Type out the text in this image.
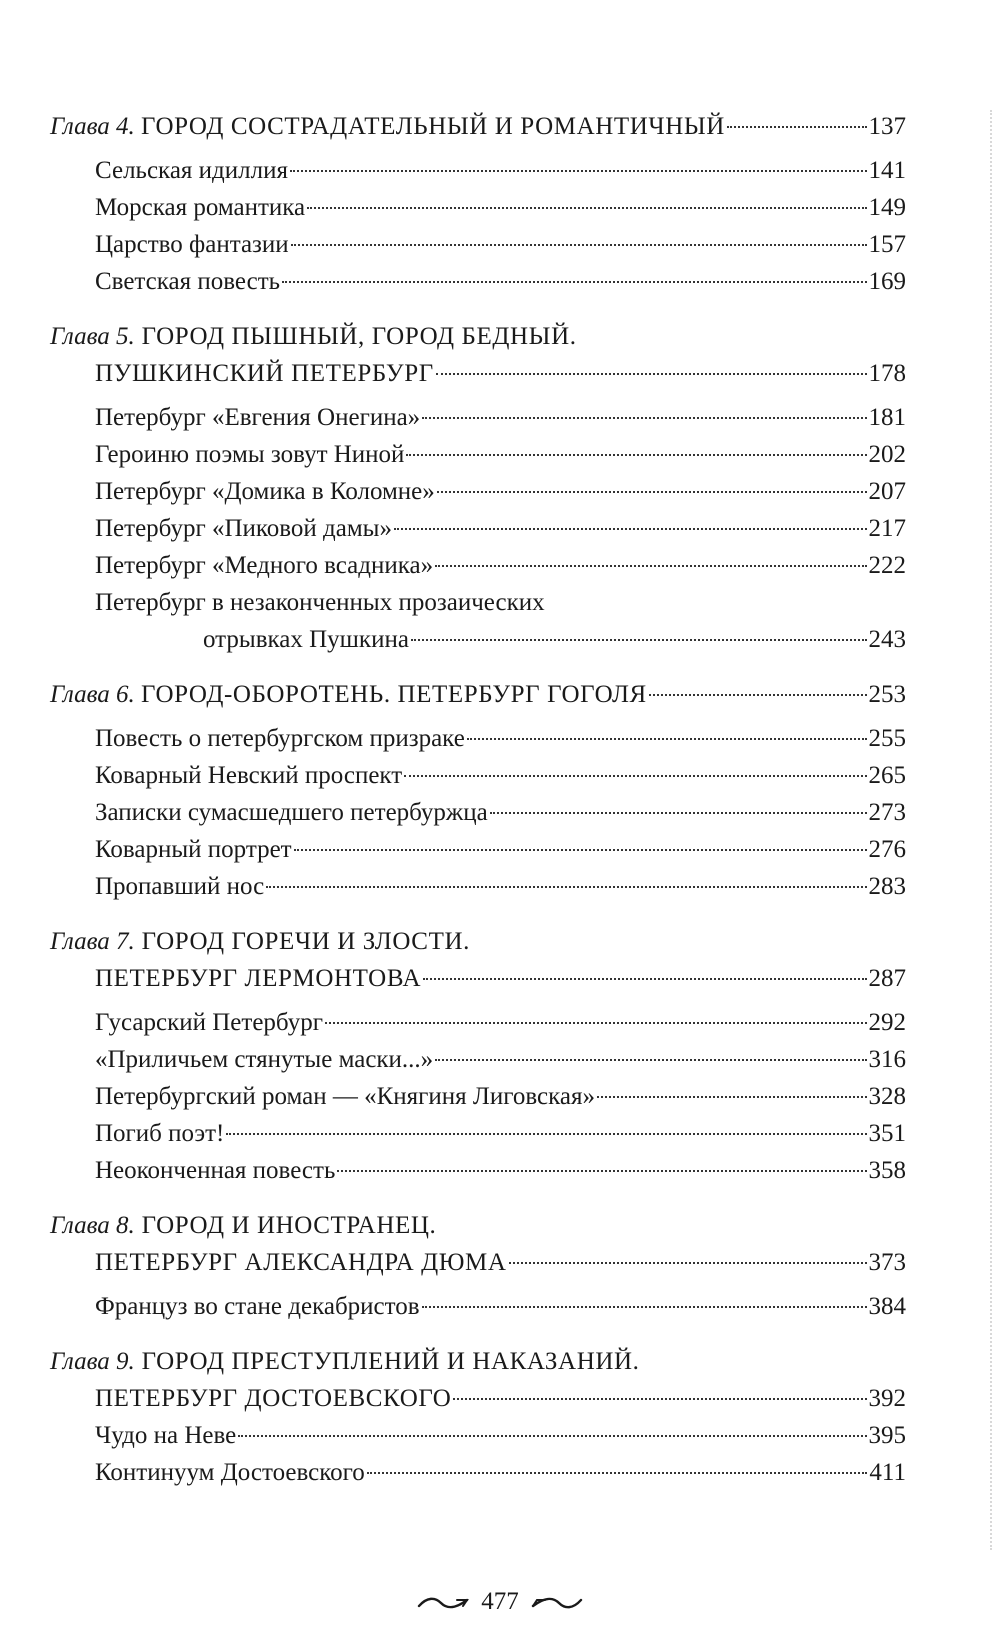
Глава 4.
ГОРОД СОСТРАДАТЕЛЬНЫЙ И РОМАНТИЧНЫЙ	137
Сельская идиллия	141
Морская романтика	149
Царство фантазии	157
Светская повесть	169
Глава 5. ГОРОД ПЫШНЫЙ, ГОРОД БЕДНЫЙ.
ПУШКИНСКИЙ ПЕТЕРБУРГ	178
Петербург «Евгения Онегина»	181
Героиню поэмы зовут Ниной	202
Петербург «Домика в Коломне»	207
Петербург «Пиковой дамы»	217
Петербург «Медного всадника»	222
Петербург в незаконченных прозаических
отрывках Пушкина	243
Глава 6.
ГОРОД-ОБОРОТЕНЬ. ПЕТЕРБУРГ ГОГОЛЯ	253
Повесть о петербургском призраке	255
Коварный Невский проспект	265
Записки сумасшедшего петербуржца	273
Коварный портрет	276
Пропавший нос	283
Глава 7. ГОРОД ГОРЕЧИ И ЗЛОСТИ.
ПЕТЕРБУРГ ЛЕРМОНТОВА	287
Гусарский Петербург	292
«Приличьем стянутые маски...»	316
Петербургский роман — «Княгиня Лиговская»	328
Погиб поэт!	351
Неоконченная повесть	358
Глава 8. ГОРОД И ИНОСТРАНЕЦ.
ПЕТЕРБУРГ АЛЕКСАНДРА ДЮМА	373
Француз во стане декабристов	384
Глава 9. ГОРОД ПРЕСТУПЛЕНИЙ И НАКАЗАНИЙ.
ПЕТЕРБУРГ ДОСТОЕВСКОГО	392
Чудо на Неве	395
Континуум Достоевского	411
477
